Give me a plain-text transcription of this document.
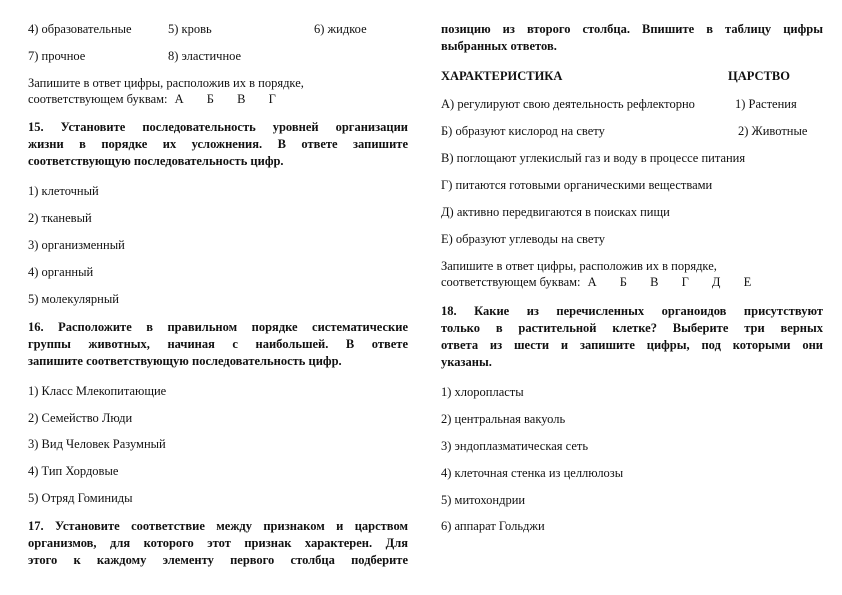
4) образовательные	5) кровь	6) жидкое
7) прочное	8) эластичное
Запишите в ответ цифры, расположив их в порядке,
соответствующем буквам: А Б В Г
15. Установите последовательность уровней организации
жизни в порядке их усложнения. В ответе запишите
соответствующую последовательность цифр.
1) клеточный
2) тканевый
3) организменный
4) органный
5) молекулярный
16. Расположите в правильном порядке систематические
группы животных, начиная с наибольшей. В ответе
запишите соответствующую последовательность цифр.
1) Класс Млекопитающие
2) Семейство Люди
3) Вид Человек Разумный
4) Тип Хордовые
5) Отряд Гоминиды
17. Установите соответствие между признаком и царством
организмов, для которого этот признак характерен. Для
этого к каждому элементу первого столбца подберите
позицию из второго столбца. Впишите в таблицу цифры
выбранных ответов.
ХАРАКТЕРИСТИКА	ЦАРСТВО
А) регулируют свою деятельность рефлекторно	1) Растения
Б) образуют кислород на свету	2) Животные
В) поглощают углекислый газ и воду в процессе питания
Г) питаются готовыми органическими веществами
Д) активно передвигаются в поисках пищи
Е) образуют углеводы на свету
Запишите в ответ цифры, расположив их в порядке,
соответствующем буквам: А Б В Г Д Е
18. Какие из перечисленных органоидов присутствуют
только в растительной клетке? Выберите три верных
ответа из шести и запишите цифры, под которыми они
указаны.
1) хлоропласты
2) центральная вакуоль
3) эндоплазматическая сеть
4) клеточная стенка из целлюлозы
5) митохондрии
6) аппарат Гольджи
